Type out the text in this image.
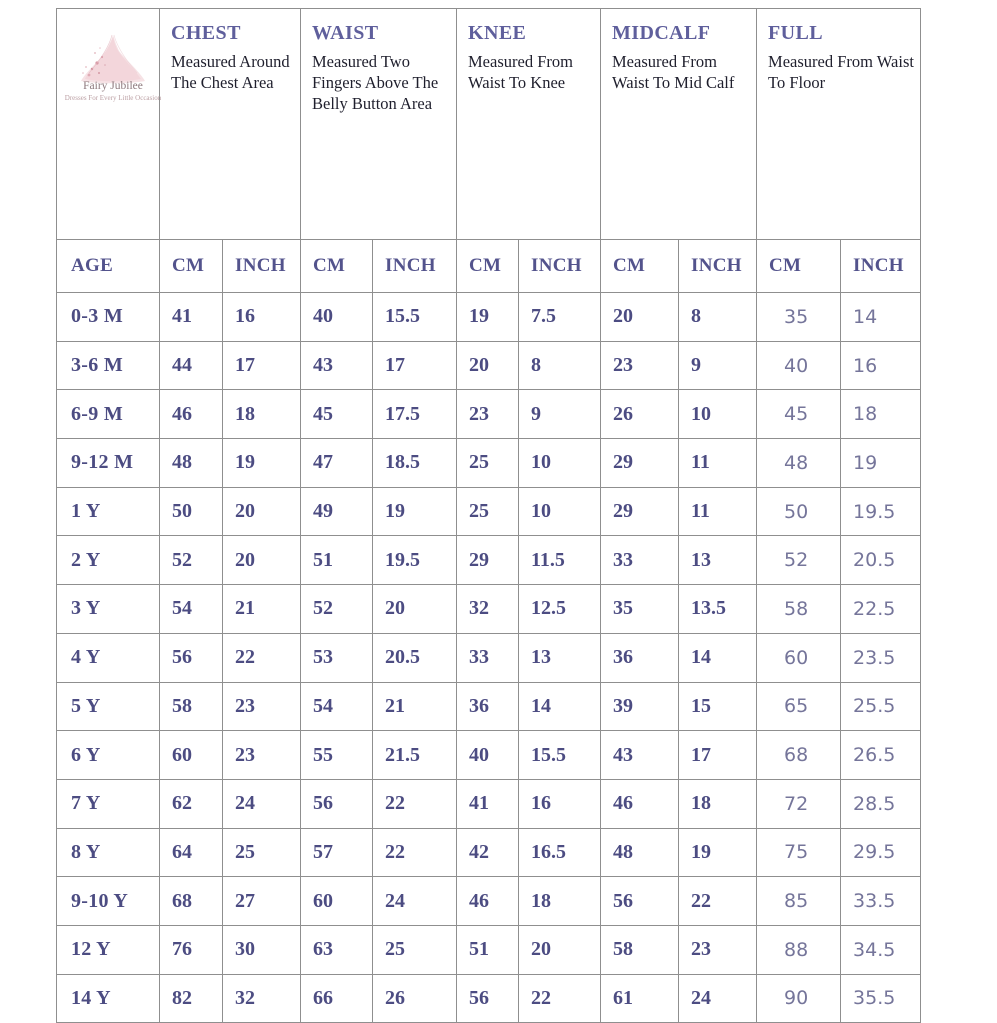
Fairy Jubilee
Dresses For Every Little Occasion

CHEST
Measured Around The Chest Area

WAIST
Measured Two Fingers Above The Belly Button Area

KNEE
Measured From Waist To Knee

MIDCALF
Measured From Waist To Mid Calf

FULL
Measured From Waist To Floor

AGE	CM	INCH	CM	INCH	CM	INCH	CM	INCH	CM	INCH
0-3 M	41	16	40	15.5	19	7.5	20	8	35	14
3-6 M	44	17	43	17	20	8	23	9	40	16
6-9 M	46	18	45	17.5	23	9	26	10	45	18
9-12 M	48	19	47	18.5	25	10	29	11	48	19
1 Y	50	20	49	19	25	10	29	11	50	19.5
2 Y	52	20	51	19.5	29	11.5	33	13	52	20.5
3 Y	54	21	52	20	32	12.5	35	13.5	58	22.5
4 Y	56	22	53	20.5	33	13	36	14	60	23.5
5 Y	58	23	54	21	36	14	39	15	65	25.5
6 Y	60	23	55	21.5	40	15.5	43	17	68	26.5
7 Y	62	24	56	22	41	16	46	18	72	28.5
8 Y	64	25	57	22	42	16.5	48	19	75	29.5
9-10 Y	68	27	60	24	46	18	56	22	85	33.5
12 Y	76	30	63	25	51	20	58	23	88	34.5
14 Y	82	32	66	26	56	22	61	24	90	35.5
